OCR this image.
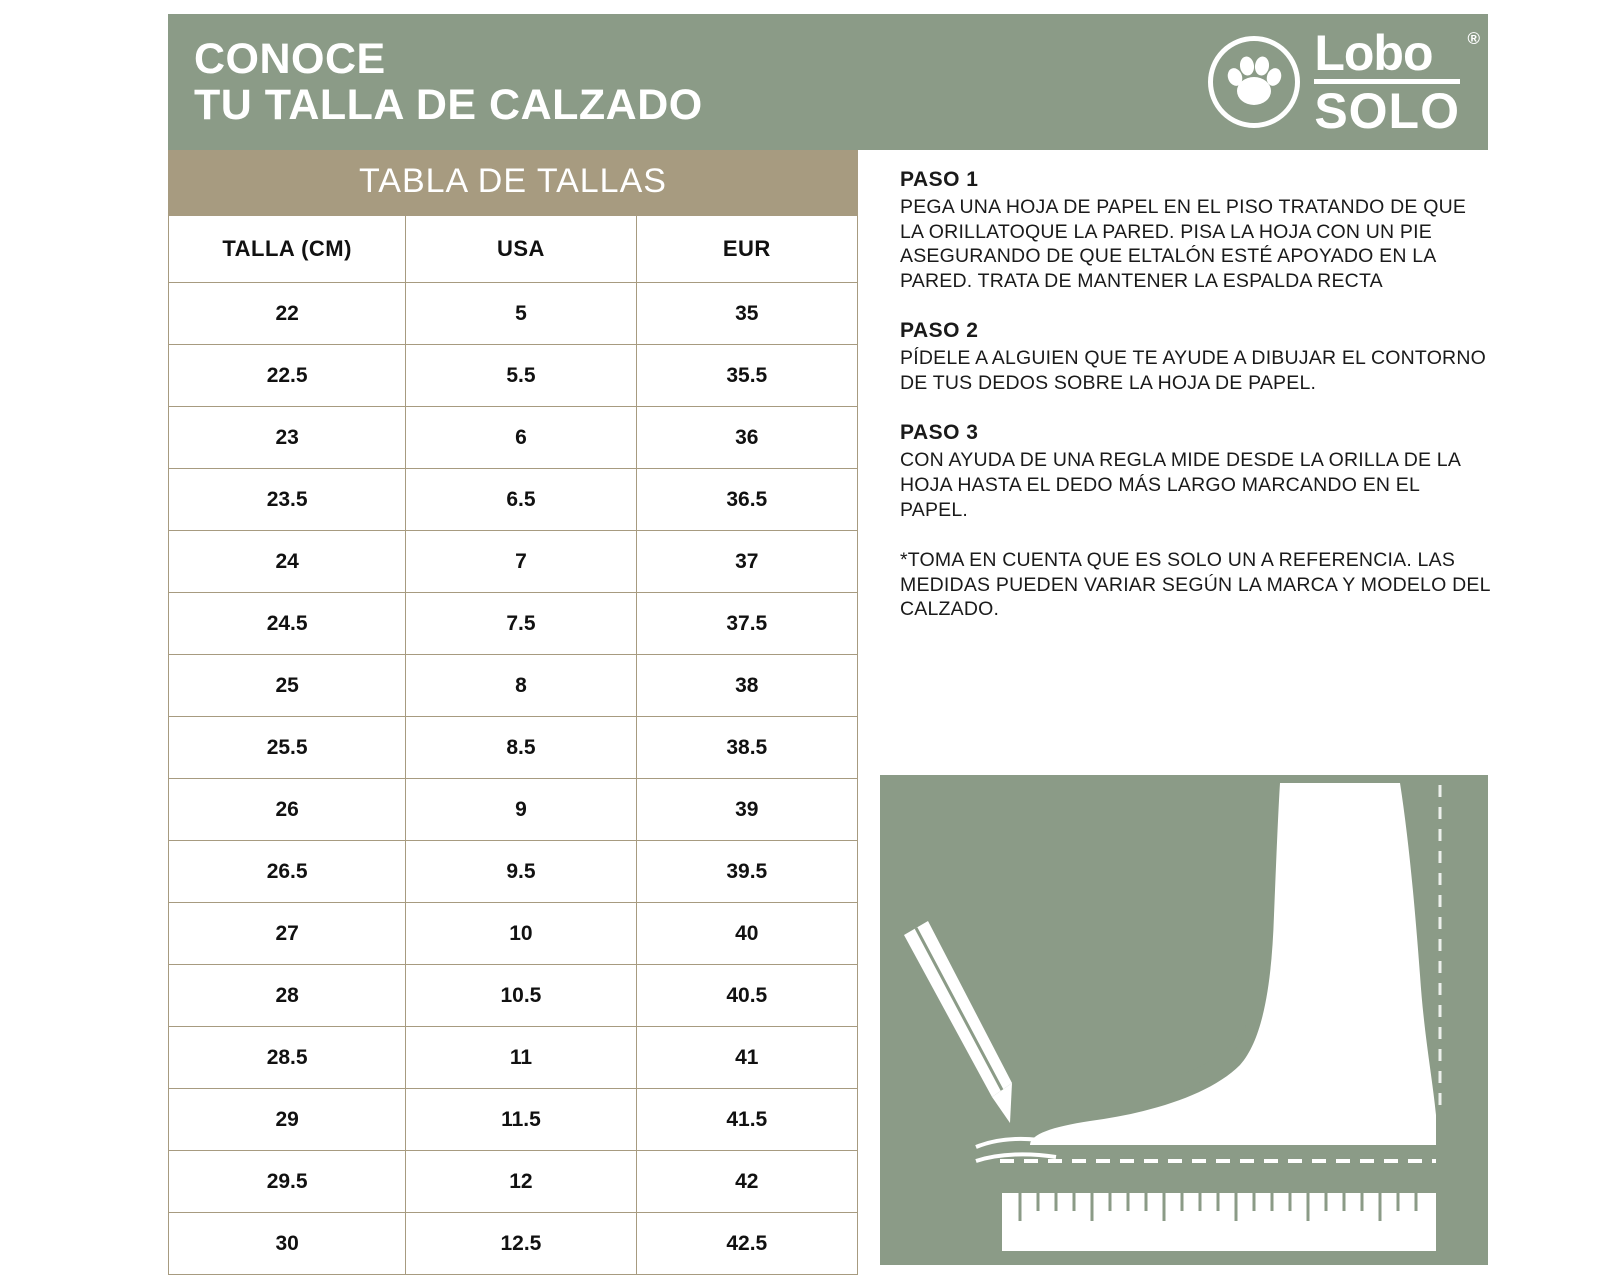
CONOCE
TU TALLA DE CALZADO
Lobo	®
SOLO
TABLA DE TALLAS
TALLA (CM)	USA	EUR
22	5	35
22.5	5.5	35.5
23	6	36
23.5	6.5	36.5
24	7	37
24.5	7.5	37.5
25	8	38
25.5	8.5	38.5
26	9	39
26.5	9.5	39.5
27	10	40
28	10.5	40.5
28.5	11	41
29	11.5	41.5
29.5	12	42
30	12.5	42.5
PASO 1
PEGA UNA HOJA DE PAPEL EN EL PISO TRATANDO DE QUE LA ORILLATOQUE LA PARED. PISA LA HOJA CON UN PIE ASEGURANDO DE QUE ELTALÓN ESTÉ APOYADO EN LA PARED. TRATA DE MANTENER LA ESPALDA RECTA
PASO 2
PÍDELE A ALGUIEN QUE TE AYUDE A DIBUJAR EL CONTORNO DE TUS DEDOS SOBRE LA HOJA DE PAPEL.
PASO 3
CON AYUDA DE UNA REGLA MIDE DESDE LA ORILLA DE LA HOJA HASTA EL DEDO MÁS LARGO MARCANDO EN EL PAPEL.
*TOMA EN CUENTA QUE ES SOLO UN A REFERENCIA. LAS MEDIDAS PUEDEN VARIAR SEGÚN LA MARCA Y MODELO DEL CALZADO.
